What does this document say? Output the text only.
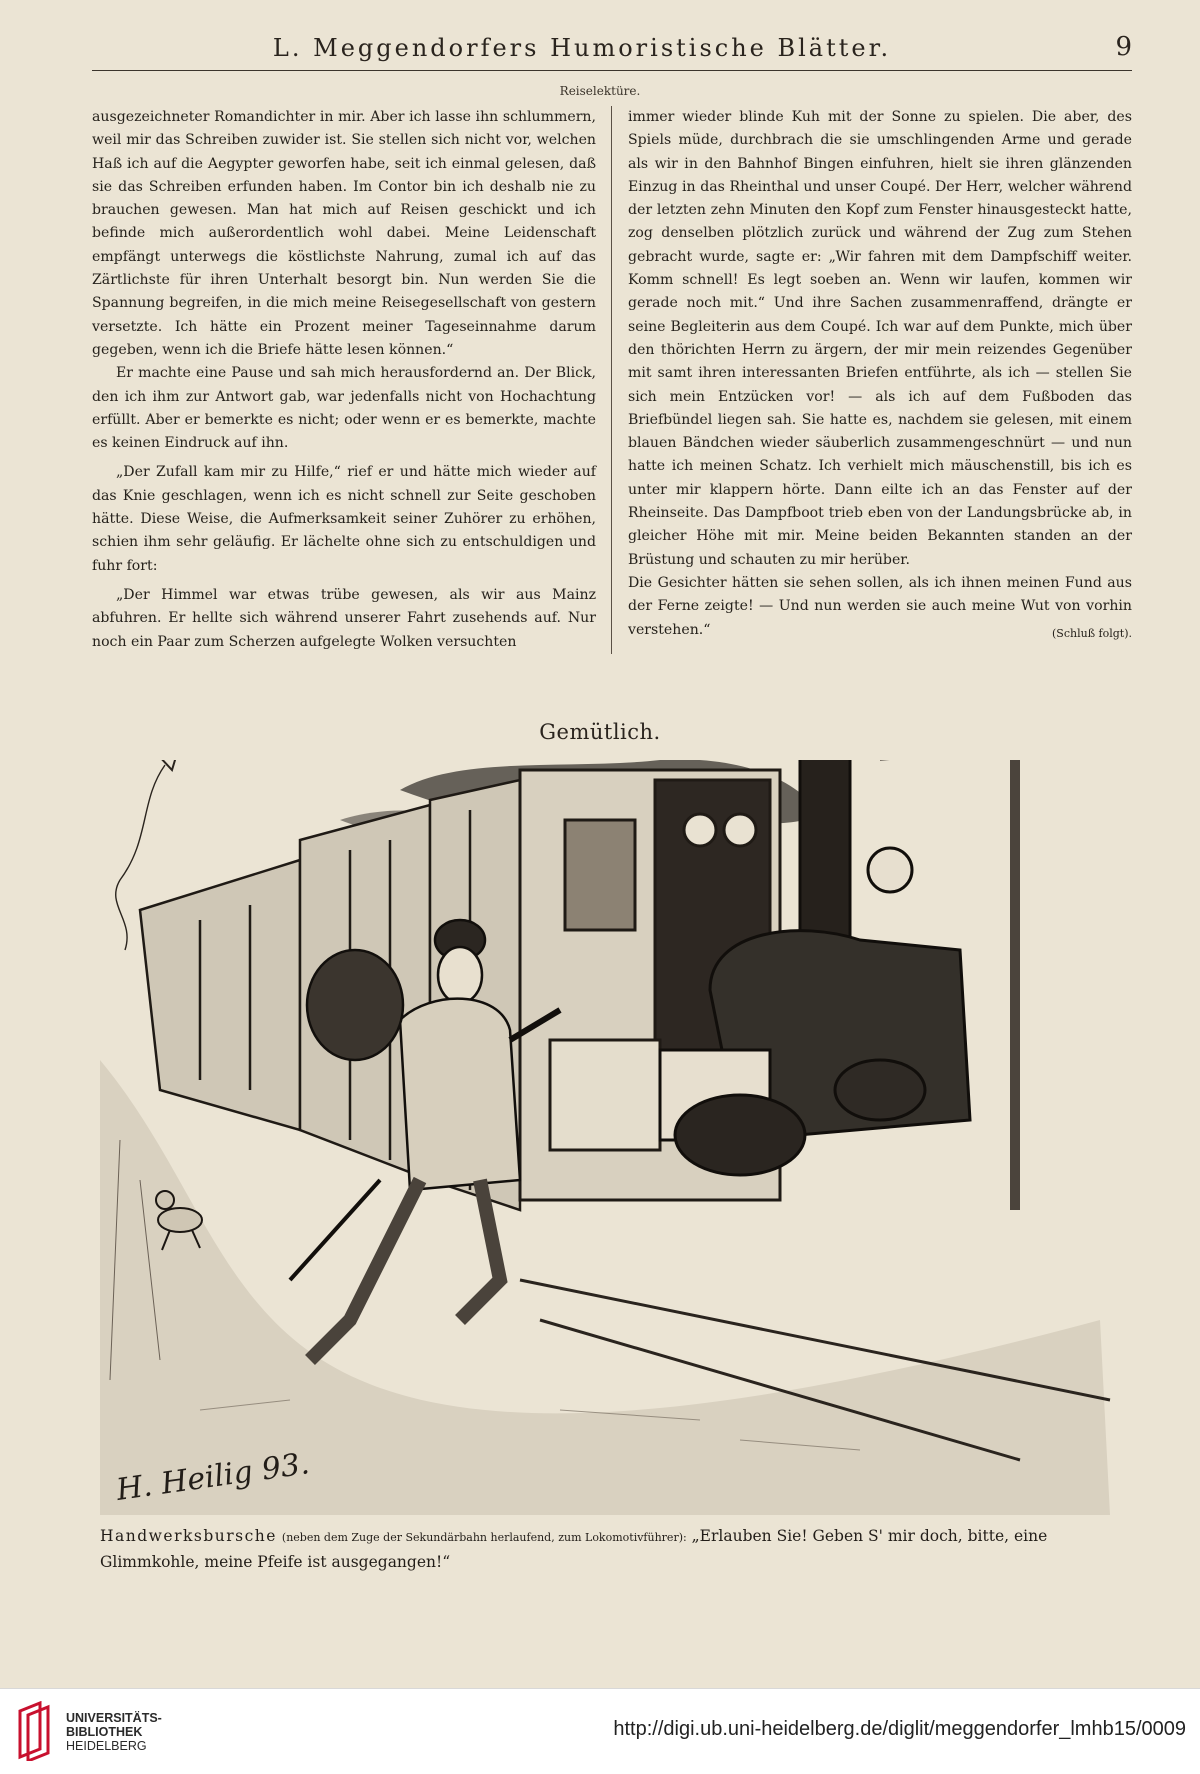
L. Meggendorfers Humoristische Blätter.	9
Reiselektüre.

ausgezeichneter Romandichter in mir. Aber ich lasse ihn schlummern, weil mir das Schreiben zuwider ist. Sie stellen sich nicht vor, welchen Haß ich auf die Aegypter geworfen habe, seit ich einmal gelesen, daß sie das Schreiben erfunden haben. Im Contor bin ich deshalb nie zu brauchen gewesen. Man hat mich auf Reisen geschickt und ich befinde mich außerordentlich wohl dabei. Meine Leidenschaft empfängt unterwegs die köstlichste Nahrung, zumal ich auf das Zärtlichste für ihren Unterhalt besorgt bin. Nun werden Sie die Spannung begreifen, in die mich meine Reisegesellschaft von gestern versetzte. Ich hätte ein Prozent meiner Tageseinnahme darum gegeben, wenn ich die Briefe hätte lesen können.“

Er machte eine Pause und sah mich herausfordernd an. Der Blick, den ich ihm zur Antwort gab, war jedenfalls nicht von Hochachtung erfüllt. Aber er bemerkte es nicht; oder wenn er es bemerkte, machte es keinen Eindruck auf ihn.

„Der Zufall kam mir zu Hilfe,“ rief er und hätte mich wieder auf das Knie geschlagen, wenn ich es nicht schnell zur Seite geschoben hätte. Diese Weise, die Aufmerksamkeit seiner Zuhörer zu erhöhen, schien ihm sehr geläufig. Er lächelte ohne sich zu entschuldigen und fuhr fort:

„Der Himmel war etwas trübe gewesen, als wir aus Mainz abfuhren. Er hellte sich während unserer Fahrt zusehends auf. Nur noch ein Paar zum Scherzen aufgelegte Wolken versuchten

immer wieder blinde Kuh mit der Sonne zu spielen. Die aber, des Spiels müde, durchbrach die sie umschlingenden Arme und gerade als wir in den Bahnhof Bingen einfuhren, hielt sie ihren glänzenden Einzug in das Rheinthal und unser Coupé. Der Herr, welcher während der letzten zehn Minuten den Kopf zum Fenster hinausgesteckt hatte, zog denselben plötzlich zurück und während der Zug zum Stehen gebracht wurde, sagte er: „Wir fahren mit dem Dampfschiff weiter. Komm schnell! Es legt soeben an. Wenn wir laufen, kommen wir gerade noch mit.“ Und ihre Sachen zusammenraffend, drängte er seine Begleiterin aus dem Coupé. Ich war auf dem Punkte, mich über den thörichten Herrn zu ärgern, der mir mein reizendes Gegenüber mit samt ihren interessanten Briefen entführte, als ich — stellen Sie sich mein Entzücken vor! — als ich auf dem Fußboden das Briefbündel liegen sah. Sie hatte es, nachdem sie gelesen, mit einem blauen Bändchen wieder säuberlich zusammengeschnürt — und nun hatte ich meinen Schatz. Ich verhielt mich mäuschenstill, bis ich es unter mir klappern hörte. Dann eilte ich an das Fenster auf der Rheinseite. Das Dampfboot trieb eben von der Landungsbrücke ab, in gleicher Höhe mit mir. Meine beiden Bekannten standen an der Brüstung und schauten zu mir herüber.

Die Gesichter hätten sie sehen sollen, als ich ihnen meinen Fund aus der Ferne zeigte! — Und nun werden sie auch meine Wut von vorhin verstehen.“	(Schluß folgt).

Gemütlich.
H. Heilig 93.
Handwerksbursche (neben dem Zuge der Sekundärbahn herlaufend, zum Lokomotivführer): „Erlauben Sie! Geben S' mir doch, bitte, eine Glimmkohle, meine Pfeife ist ausgegangen!“
UNIVERSITÄTS-
BIBLIOTHEK
HEIDELBERG
http://digi.ub.uni-heidelberg.de/diglit/meggendorfer_lmhb15/0009
